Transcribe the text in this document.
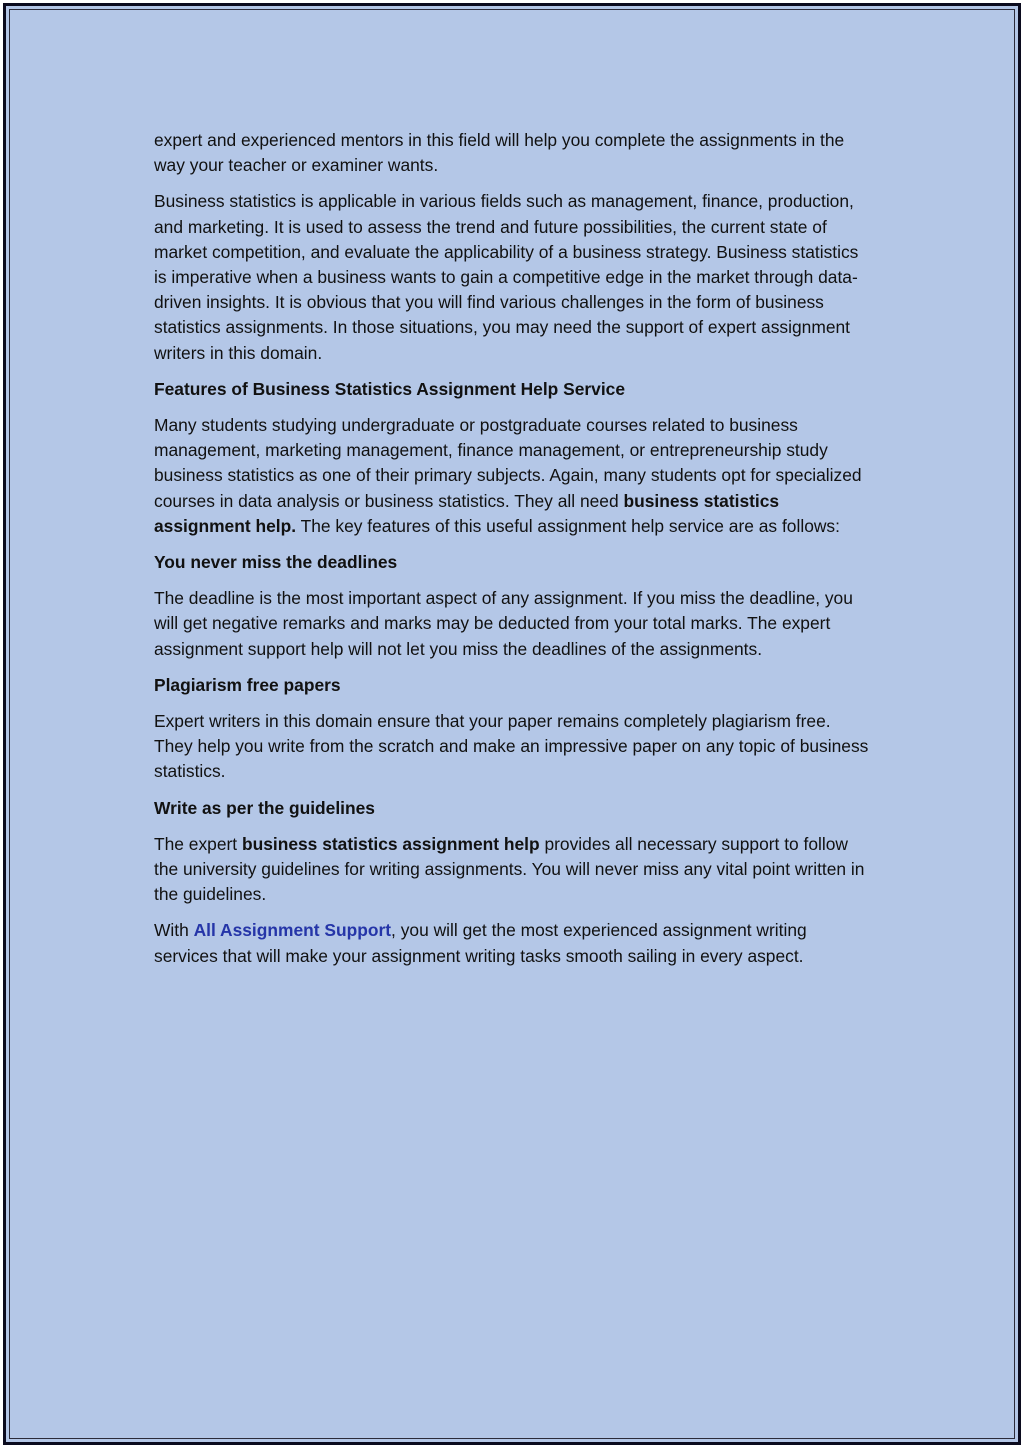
expert and experienced mentors in this field will help you complete the assignments in the way your teacher or examiner wants.

Business statistics is applicable in various fields such as management, finance, production, and marketing. It is used to assess the trend and future possibilities, the current state of market competition, and evaluate the applicability of a business strategy. Business statistics is imperative when a business wants to gain a competitive edge in the market through data-driven insights. It is obvious that you will find various challenges in the form of business statistics assignments. In those situations, you may need the support of expert assignment writers in this domain.

Features of Business Statistics Assignment Help Service

Many students studying undergraduate or postgraduate courses related to business management, marketing management, finance management, or entrepreneurship study business statistics as one of their primary subjects. Again, many students opt for specialized courses in data analysis or business statistics. They all need business statistics assignment help. The key features of this useful assignment help service are as follows:

You never miss the deadlines

The deadline is the most important aspect of any assignment. If you miss the deadline, you will get negative remarks and marks may be deducted from your total marks. The expert assignment support help will not let you miss the deadlines of the assignments.

Plagiarism free papers

Expert writers in this domain ensure that your paper remains completely plagiarism free. They help you write from the scratch and make an impressive paper on any topic of business statistics.

Write as per the guidelines

The expert business statistics assignment help provides all necessary support to follow the university guidelines for writing assignments. You will never miss any vital point written in the guidelines.

With All Assignment Support, you will get the most experienced assignment writing services that will make your assignment writing tasks smooth sailing in every aspect.
